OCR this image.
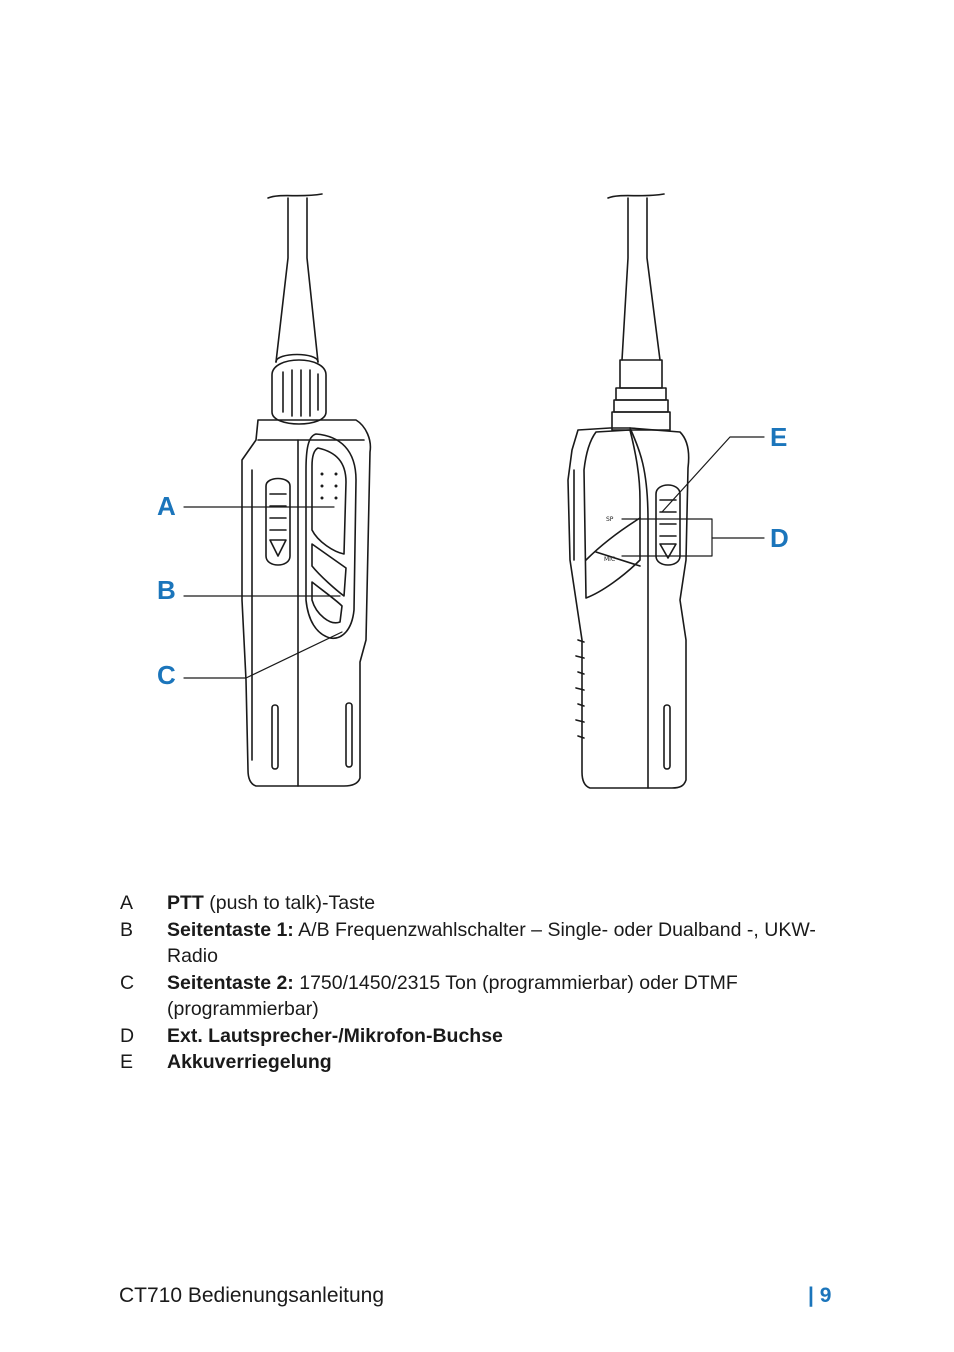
SP
MIC
A
B
C
D
E
A	PTT (push to talk)-Taste
B	Seitentaste 1: A/B Frequenzwahlschalter – Single- oder Dualband -, UKW-Radio
C	Seitentaste 2: 1750/1450/2315 Ton (programmierbar) oder DTMF (programmierbar)
D	Ext. Lautsprecher-/Mikrofon-Buchse
E	Akkuverriegelung
CT710 Bedienungsanleitung	| 9
